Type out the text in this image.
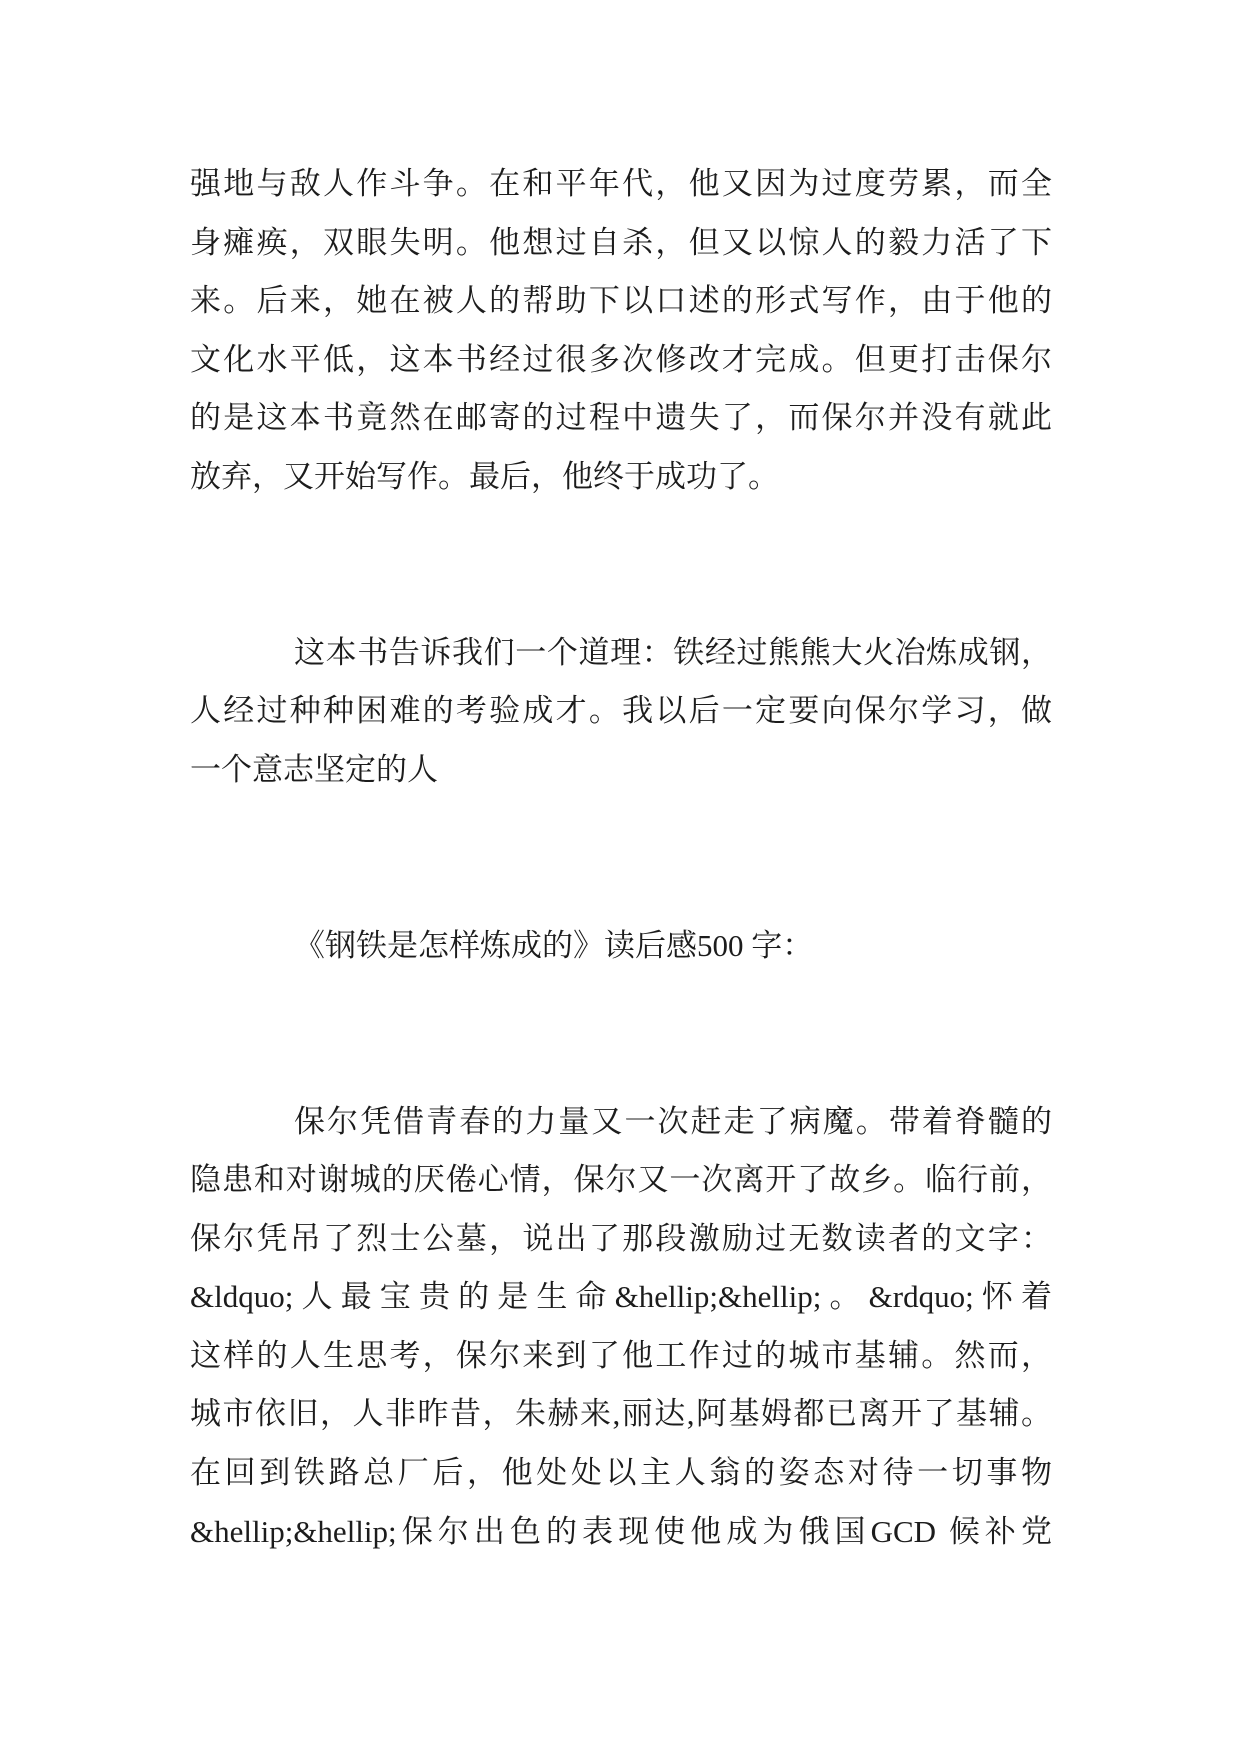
强地与敌人作斗争。在和平年代，他又因为过度劳累，而全
身瘫痪，双眼失明。他想过自杀，但又以惊人的毅力活了下
来。后来，她在被人的帮助下以口述的形式写作，由于他的
文化水平低，这本书经过很多次修改才完成。但更打击保尔
的是这本书竟然在邮寄的过程中遗失了，而保尔并没有就此
放弃，又开始写作。最后，他终于成功了。
这本书告诉我们一个道理：铁经过熊熊大火冶炼成钢，
人经过种种困难的考验成才。我以后一定要向保尔学习，做
一个意志坚定的人
《钢铁是怎样炼成的》读后感500 字：
保尔凭借青春的力量又一次赶走了病魔。带着脊髓的
隐患和对谢城的厌倦心情，保尔又一次离开了故乡。临行前，
保尔凭吊了烈士公墓，说出了那段激励过无数读者的文字：
&ldquo;人最宝贵的是生命&hellip;&hellip;。&rdquo;怀着
这样的人生思考，保尔来到了他工作过的城市基辅。然而，
城市依旧，人非昨昔，朱赫来,丽达,阿基姆都已离开了基辅。
在回到铁路总厂后，他处处以主人翁的姿态对待一切事物
&hellip;&hellip;保尔出色的表现使他成为俄国GCD 候补党
